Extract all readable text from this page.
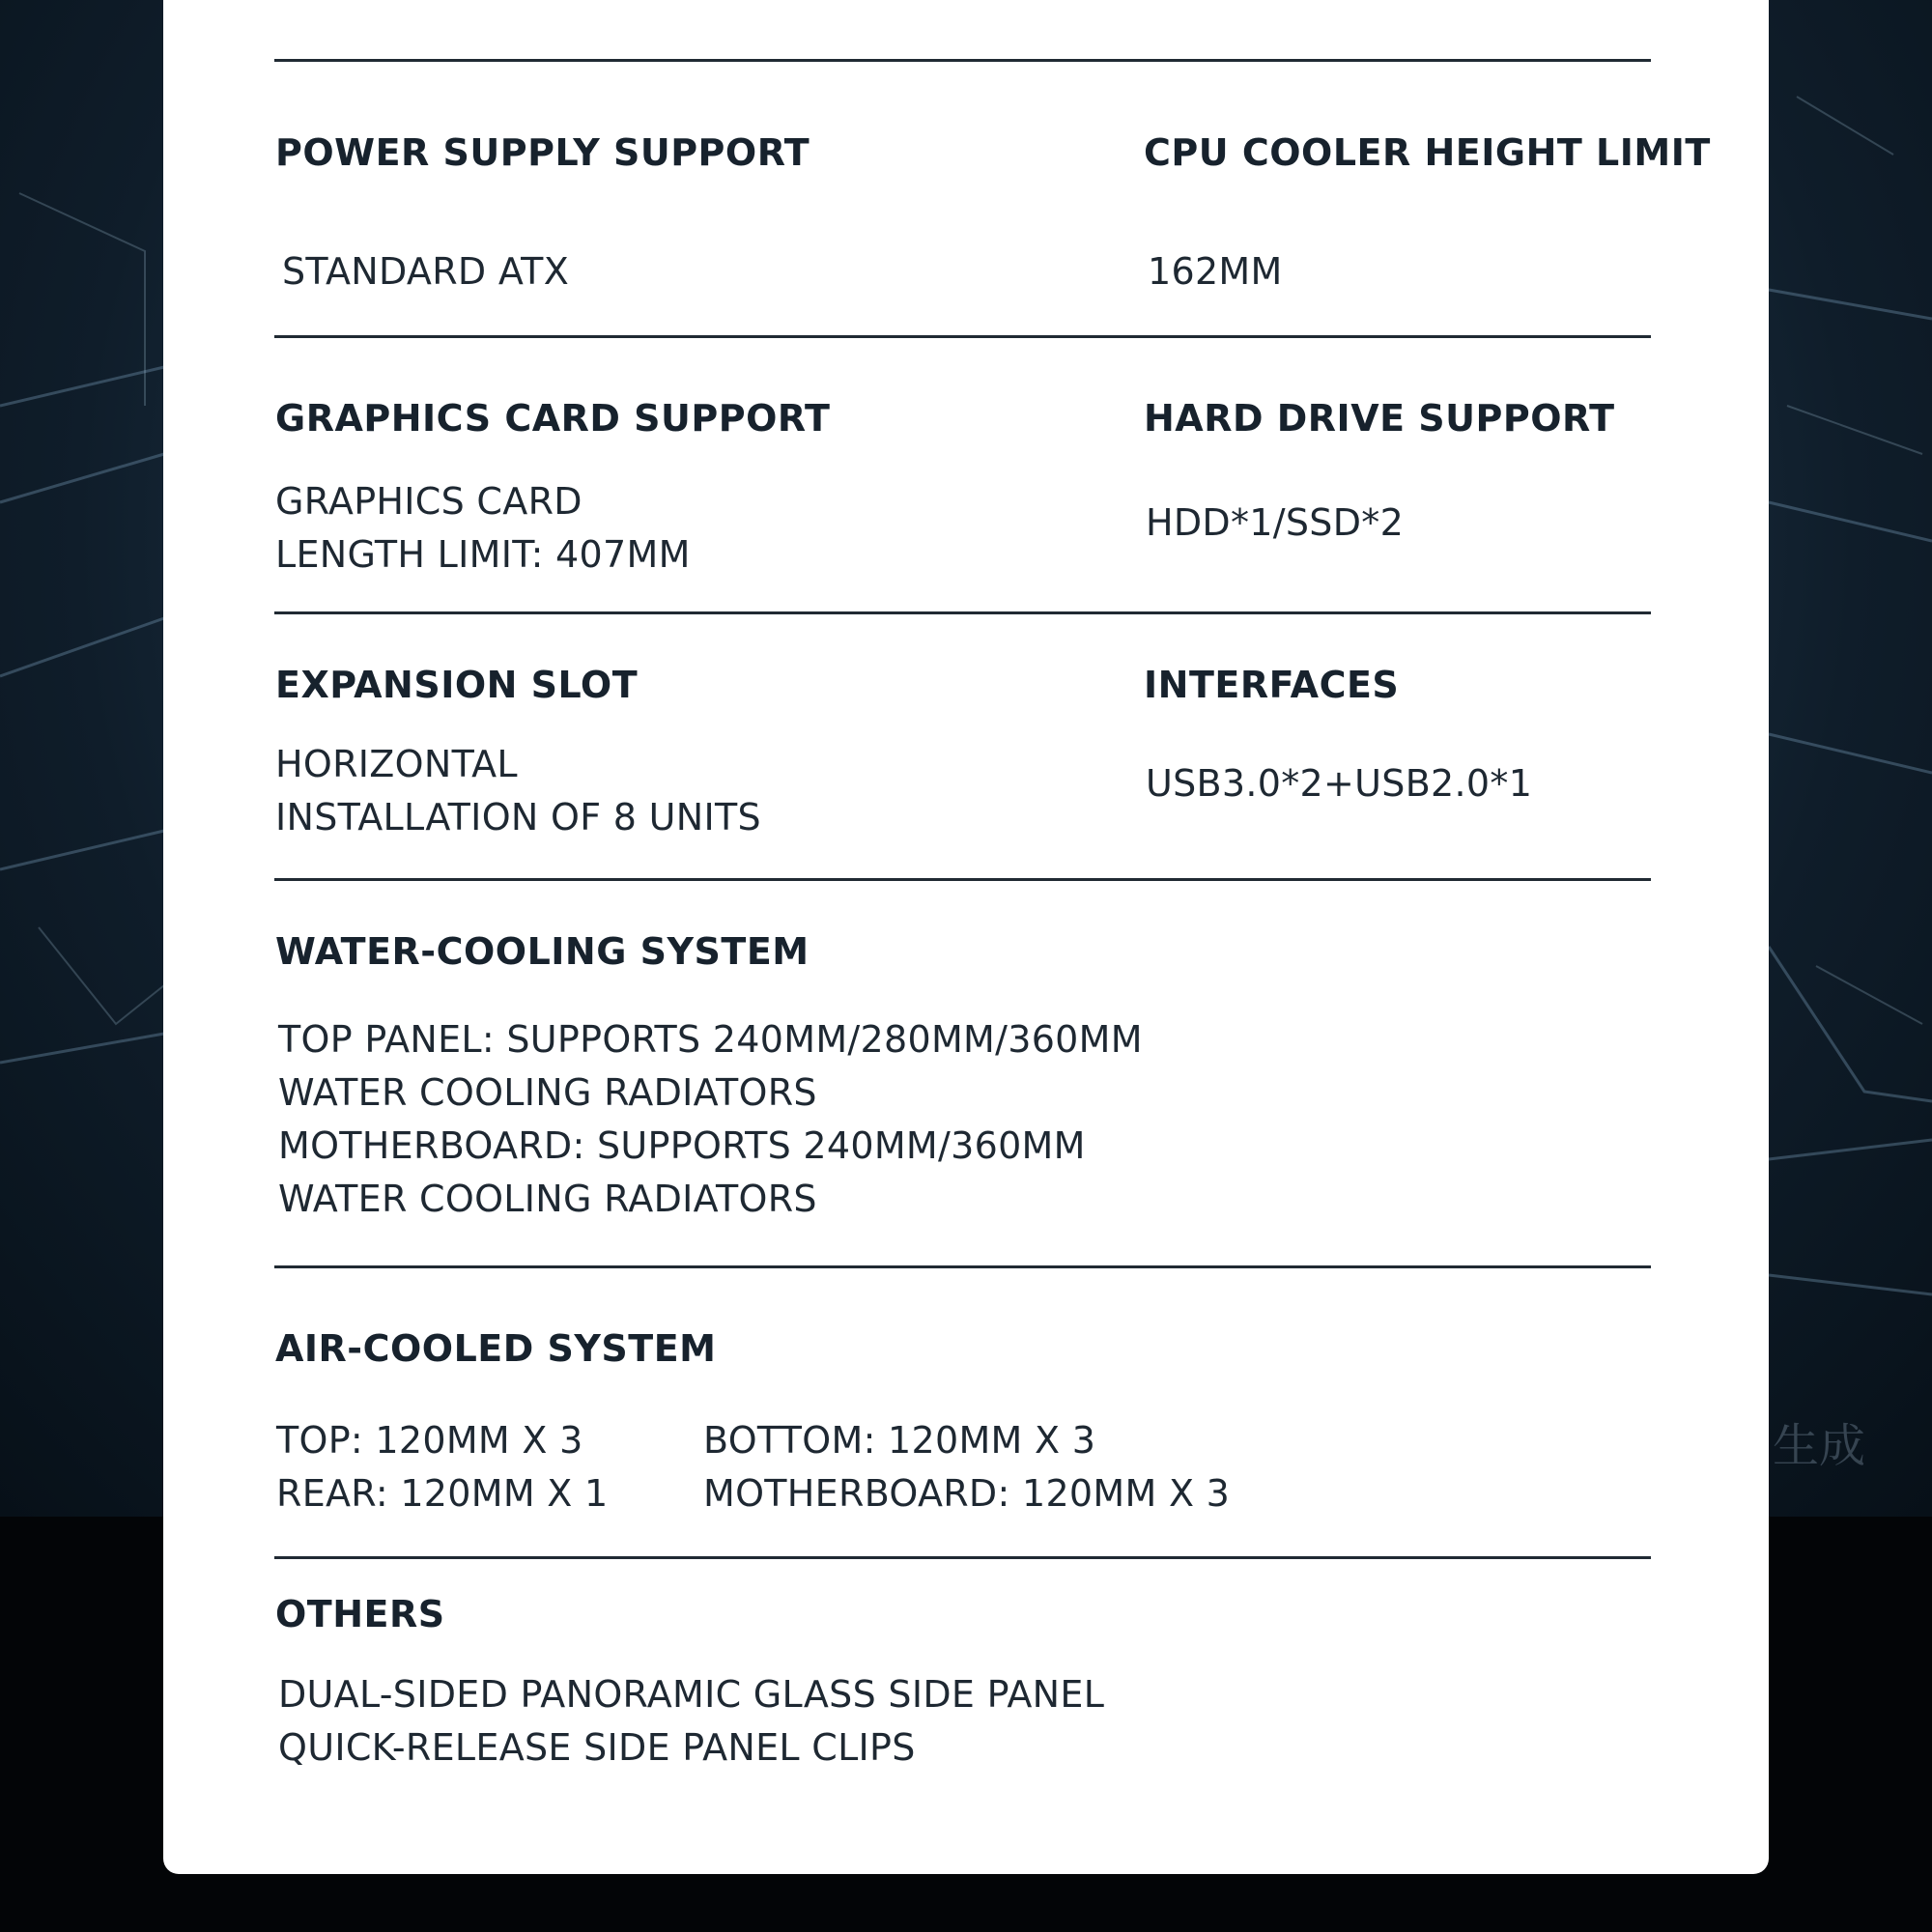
生成
POWER SUPPLY SUPPORT
STANDARD ATX
CPU COOLER HEIGHT LIMIT
162MM
GRAPHICS CARD SUPPORT
GRAPHICS CARD
LENGTH LIMIT: 407MM
HARD DRIVE SUPPORT
HDD*1/SSD*2
EXPANSION SLOT
HORIZONTAL
INSTALLATION OF 8 UNITS
INTERFACES
USB3.0*2+USB2.0*1
WATER-COOLING SYSTEM
TOP PANEL: SUPPORTS 240MM/280MM/360MM
WATER COOLING RADIATORS
MOTHERBOARD: SUPPORTS 240MM/360MM
WATER COOLING RADIATORS
AIR-COOLED SYSTEM
TOP: 120MM X 3
REAR: 120MM X 1
BOTTOM: 120MM X 3
MOTHERBOARD: 120MM X 3
OTHERS
DUAL-SIDED PANORAMIC GLASS SIDE PANEL
QUICK-RELEASE SIDE PANEL CLIPS
